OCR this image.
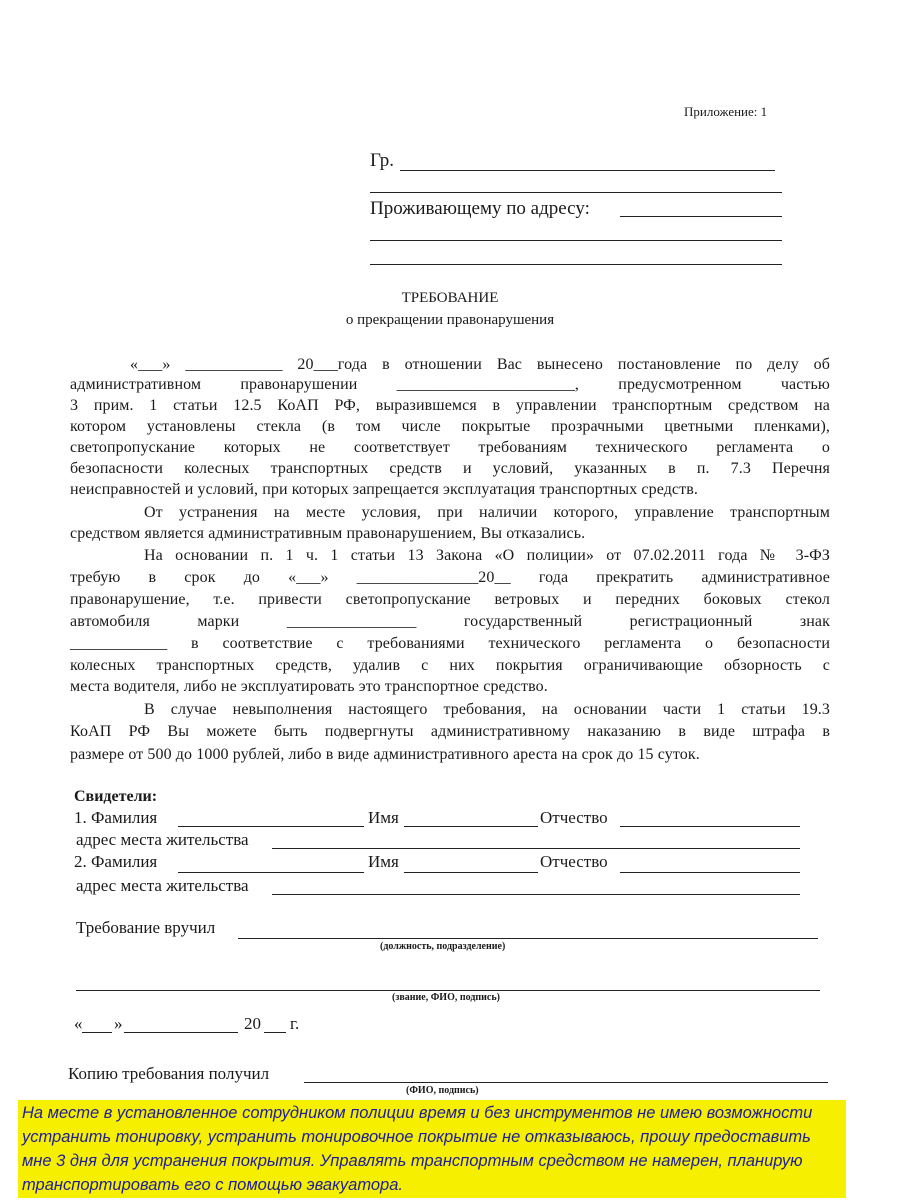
Приложение: 1
Гр.
Проживающему по адресу:
ТРЕБОВАНИЕ
о прекращении правонарушения
«___» ____________ 20___года в отношении Вас вынесено постановление по делу об
административном правонарушении ______________________, предусмотренном частью
3 прим. 1 статьи 12.5 КоАП РФ, выразившемся в управлении транспортным средством на
котором установлены стекла (в том числе покрытые прозрачными цветными пленками),
светопропускание которых не соответствует требованиям технического регламента о
безопасности колесных транспортных средств и условий, указанных в п. 7.3 Перечня
неисправностей и условий, при которых запрещается эксплуатация транспортных средств.
От устранения на месте условия, при наличии которого, управление транспортным
средством является административным правонарушением, Вы отказались.
На основании п. 1 ч. 1 статьи 13 Закона «О полиции» от 07.02.2011 года № 3-ФЗ
требую в срок до «___» _______________20__ года прекратить административное
правонарушение, т.е. привести светопропускание ветровых и передних боковых стекол
автомобиля марки ________________ государственный регистрационный знак
____________ в соответствие с требованиями технического регламента о безопасности
колесных транспортных средств, удалив с них покрытия ограничивающие обзорность с
места водителя, либо не эксплуатировать это транспортное средство.
В случае невыполнения настоящего требования, на основании части 1 статьи 19.3
КоАП РФ Вы можете быть подвергнуты административному наказанию в виде штрафа в
размере от 500 до 1000 рублей, либо в виде административного ареста на срок до 15 суток.
Свидетели:
1. Фамилия	Имя	Отчество
адрес места жительства
2. Фамилия	Имя	Отчество
адрес места жительства
Требование вручил
(должность, подразделение)
(звание, ФИО, подпись)
« »	20 г.
Копию требования получил
(ФИО, подпись)
На месте в установленное сотрудником полиции время и без инструментов не имею возможности устранить тонировку, устранить тонировочное покрытие не отказываюсь, прошу предоставить мне 3 дня для устранения покрытия. Управлять транспортным средством не намерен, планирую транспортировать его с помощью эвакуатора.
